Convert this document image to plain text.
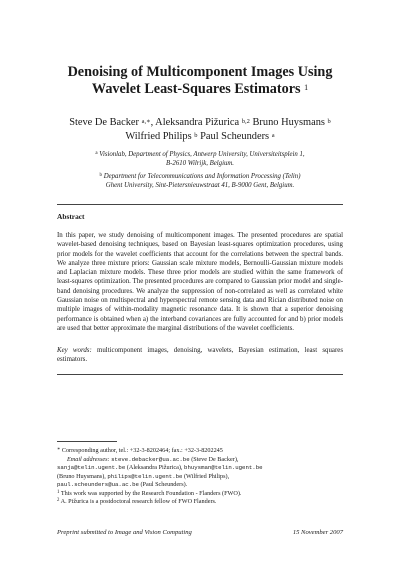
Denoising of Multicomponent Images Using
Wavelet Least-Squares Estimators $^1$
Steve De Backer $^{a,∗}$, Aleksandra Pižurica $^{b,2}$ Bruno Huysmans $^b$
Wilfried Philips $^b$ Paul Scheunders $^a$
$^a$ Visionlab, Department of Physics, Antwerp University, Universiteitsplein 1,
B-2610 Wilrijk, Belgium.
$^b$ Department for Telecommunications and Information Processing (Telin)
Ghent University, Sint-Pietersnieuwstraat 41, B-9000 Gent, Belgium.
Abstract
In this paper, we study denoising of multicomponent images. The presented procedures are spatial wavelet-based denoising techniques, based on Bayesian least-squares optimization procedures, using prior models for the wavelet coefficients that account for the correlations between the spectral bands. We analyze three mixture priors: Gaussian scale mixture models, Bernoulli-Gaussian mixture models and Laplacian mixture models. These three prior models are studied within the same framework of least-squares optimization. The presented procedures are compared to Gaussian prior model and single-band denoising procedures. We analyze the suppression of non-correlated as well as correlated white Gaussian noise on multispectral and hyperspectral remote sensing data and Rician distributed noise on multiple images of within-modality magnetic resonance data. It is shown that a superior denoising performance is obtained when a) the interband covariances are fully accounted for and b) prior models are used that better approximate the marginal distributions of the wavelet coefficients.
Key words: multicomponent images, denoising, wavelets, Bayesian estimation, least squares estimators.
∗ Corresponding author, tel.: +32-3-8202464; fax.: +32-3-8202245
Email addresses: steve.debacker@ua.ac.be (Steve De Backer),
sanja@telin.ugent.be (Aleksandra Pižurica), bhuysman@telin.ugent.be
(Bruno Huysmans), philips@telin.ugent.be (Wilfried Philips),
paul.scheunders@ua.ac.be (Paul Scheunders).
$^1$ This work was supported by the Research Foundation - Flanders (FWO).
$^2$ A. Pižurica is a postdoctoral research fellow of FWO Flanders.
Preprint submitted to Image and Vision Computing	15 November 2007
